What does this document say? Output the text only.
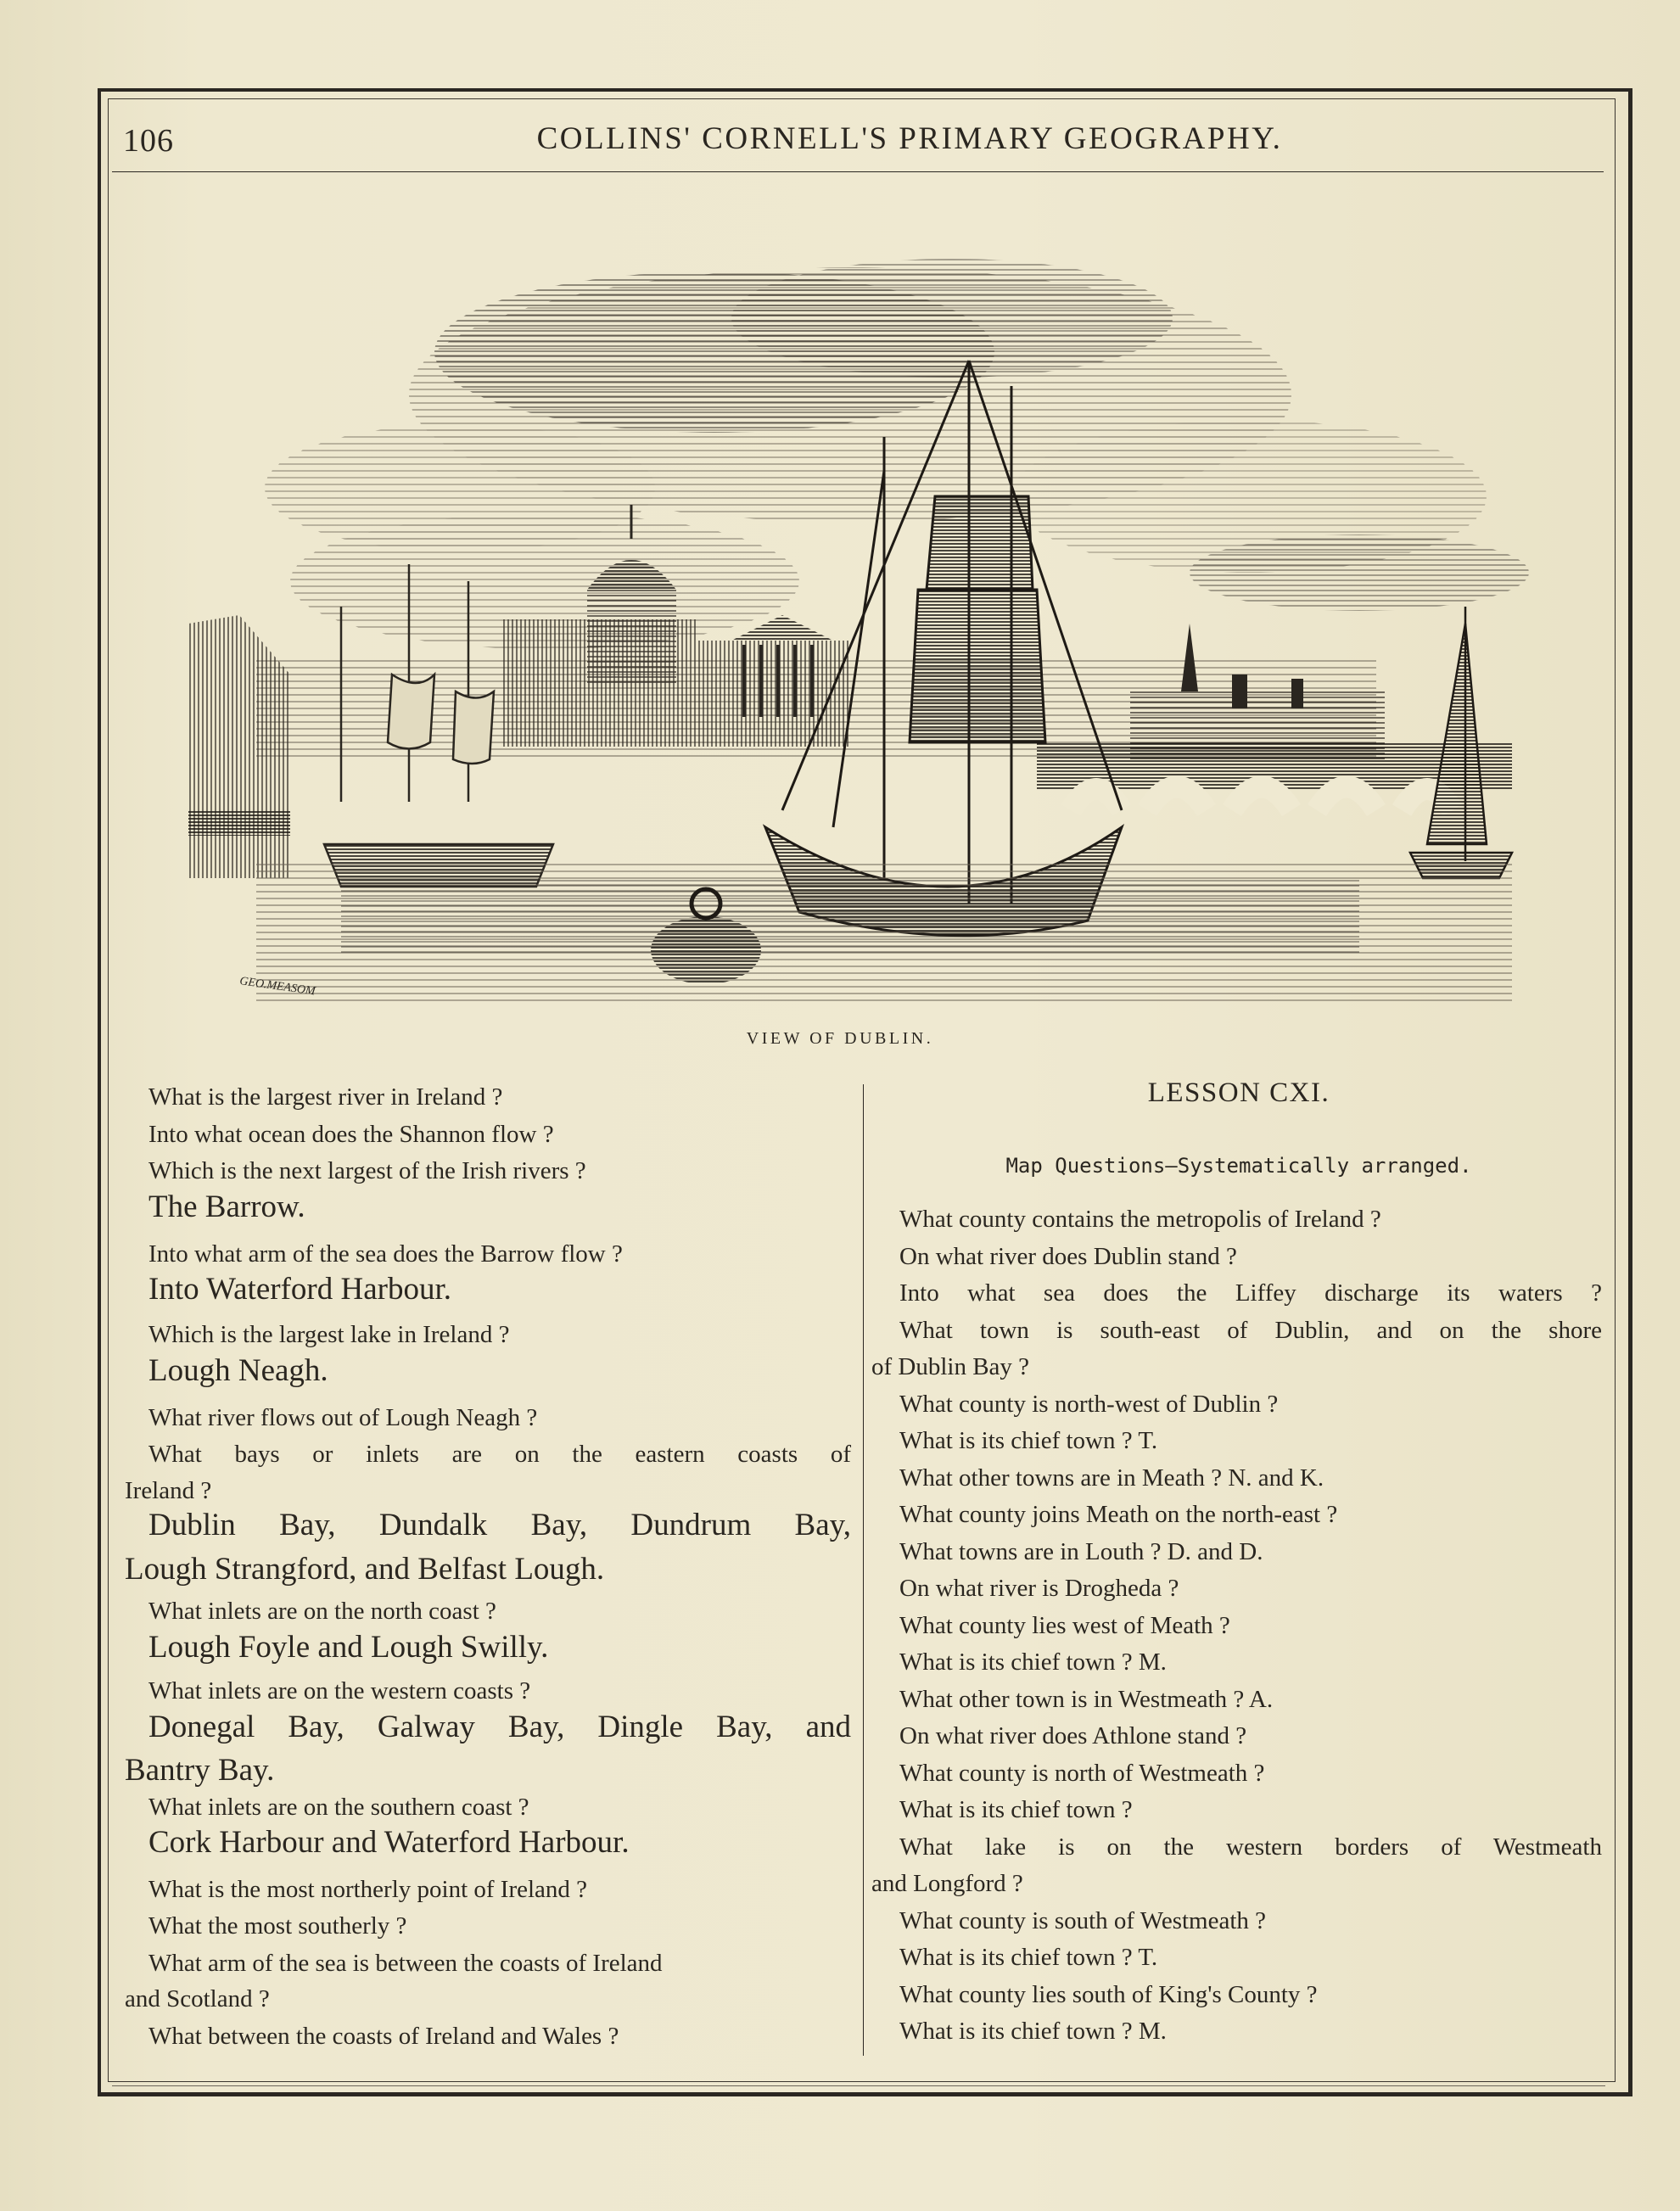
106	COLLINS' CORNELL'S PRIMARY GEOGRAPHY.
GEO.MEASOM
VIEW OF DUBLIN.
What is the largest river in Ireland ?
Into what ocean does the Shannon flow ?
Which is the next largest of the Irish rivers ?
The Barrow.
Into what arm of the sea does the Barrow flow ?
Into Waterford Harbour.
Which is the largest lake in Ireland ?
Lough Neagh.
What river flows out of Lough Neagh ?
What bays or inlets are on the eastern coasts of
Ireland ?
Dublin Bay, Dundalk Bay, Dundrum Bay,
Lough Strangford, and Belfast Lough.
What inlets are on the north coast ?
Lough Foyle and Lough Swilly.
What inlets are on the western coasts ?
Donegal Bay, Galway Bay, Dingle Bay, and
Bantry Bay.
What inlets are on the southern coast ?
Cork Harbour and Waterford Harbour.
What is the most northerly point of Ireland ?
What the most southerly ?
What arm of the sea is between the coasts of Ireland
and Scotland ?
What between the coasts of Ireland and Wales ?
LESSON CXI.
Map Questions—Systematically arranged.
What county contains the metropolis of Ireland ?
On what river does Dublin stand ?
Into what sea does the Liffey discharge its waters ?
What town is south-east of Dublin, and on the shore
of Dublin Bay ?
What county is north-west of Dublin ?
What is its chief town ? T.
What other towns are in Meath ? N. and K.
What county joins Meath on the north-east ?
What towns are in Louth ? D. and D.
On what river is Drogheda ?
What county lies west of Meath ?
What is its chief town ? M.
What other town is in Westmeath ? A.
On what river does Athlone stand ?
What county is north of Westmeath ?
What is its chief town ?
What lake is on the western borders of Westmeath
and Longford ?
What county is south of Westmeath ?
What is its chief town ? T.
What county lies south of King's County ?
What is its chief town ? M.
